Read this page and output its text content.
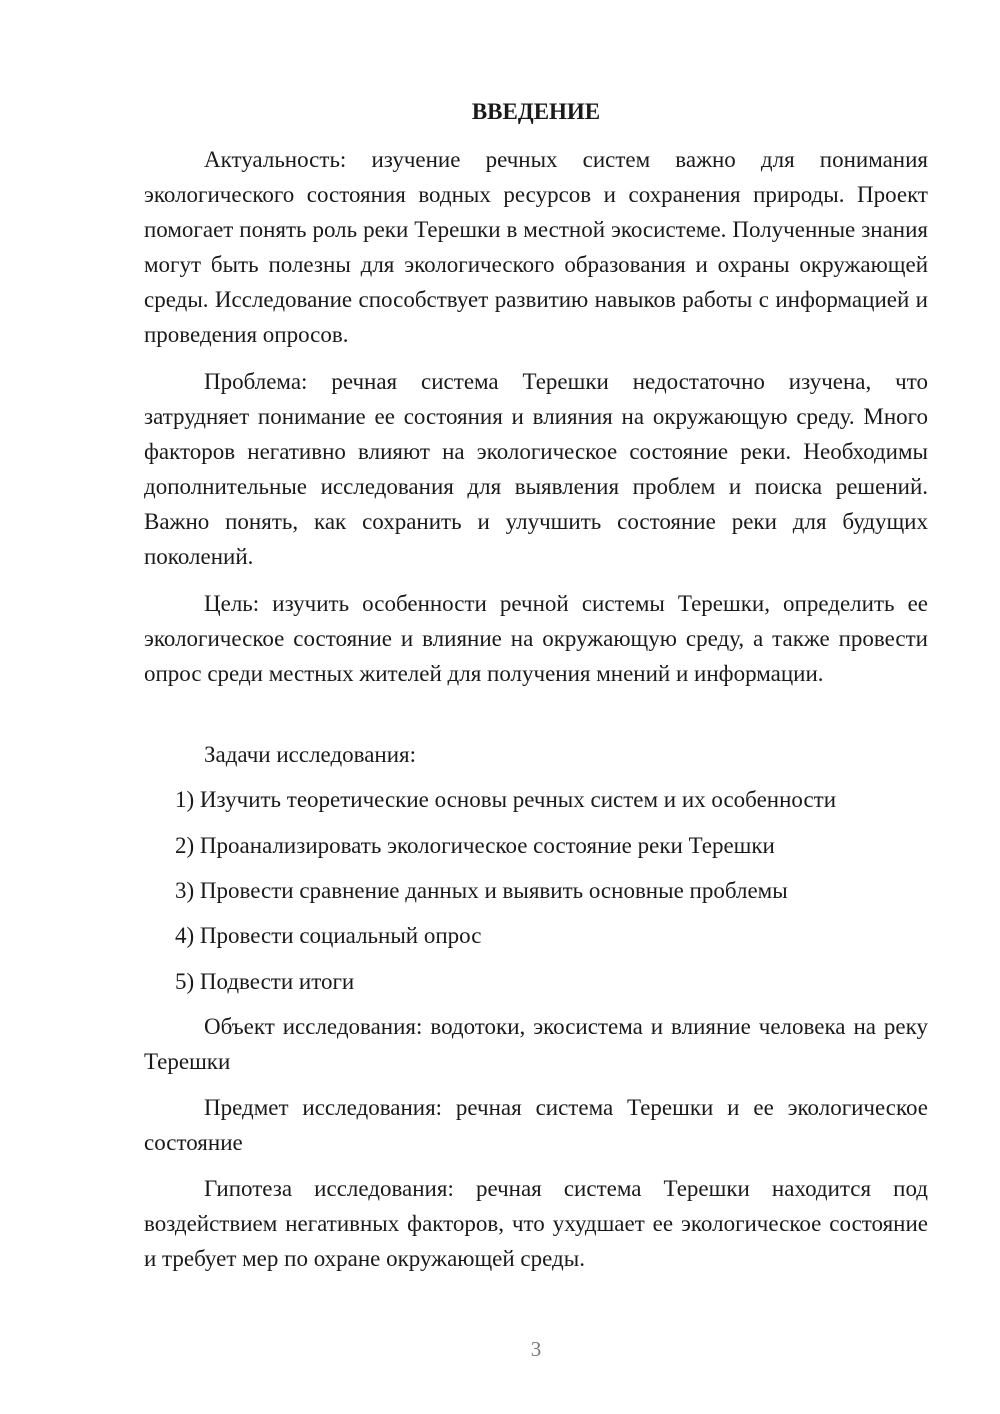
ВВЕДЕНИЕ

Актуальность: изучение речных систем важно для понимания экологического состояния водных ресурсов и сохранения природы. Проект помогает понять роль реки Терешки в местной экосистеме. Полученные знания могут быть полезны для экологического образования и охраны окружающей среды. Исследование способствует развитию навыков работы с информацией и проведения опросов.

Проблема: речная система Терешки недостаточно изучена, что затрудняет понимание ее состояния и влияния на окружающую среду. Много факторов негативно влияют на экологическое состояние реки. Необходимы дополнительные исследования для выявления проблем и поиска решений. Важно понять, как сохранить и улучшить состояние реки для будущих поколений.

Цель: изучить особенности речной системы Терешки, определить ее экологическое состояние и влияние на окружающую среду, а также провести опрос среди местных жителей для получения мнений и информации.

Задачи исследования:

1) Изучить теоретические основы речных систем и их особенности

2) Проанализировать экологическое состояние реки Терешки

3) Провести сравнение данных и выявить основные проблемы

4) Провести социальный опрос

5) Подвести итоги

Объект исследования: водотоки, экосистема и влияние человека на реку Терешки

Предмет исследования: речная система Терешки и ее экологическое состояние

Гипотеза исследования: речная система Терешки находится под воздействием негативных факторов, что ухудшает ее экологическое состояние и требует мер по охране окружающей среды.

3
